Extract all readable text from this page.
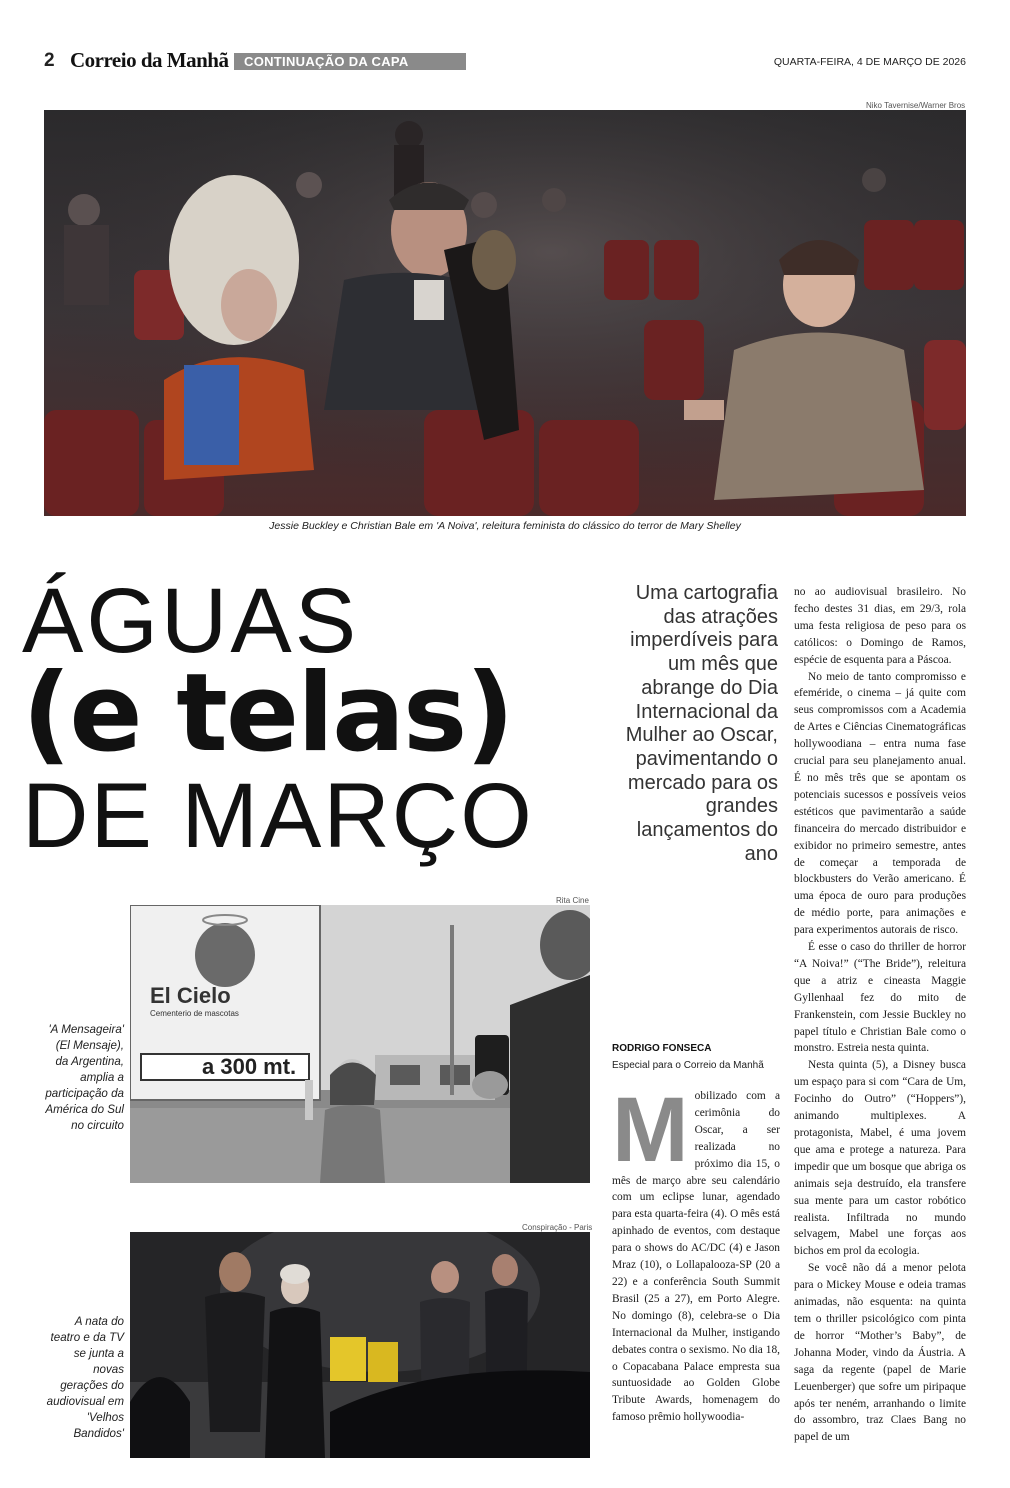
2 Correio da Manhã	CONTINUAÇÃO DA CAPA	QUARTA-FEIRA, 4 DE MARÇO DE 2026
Niko Tavernise/Warner Bros
Jessie Buckley e Christian Bale em 'A Noiva', releitura feminista do clássico do terror de Mary Shelley
ÁGUAS
(e telas)
DE MARÇO
Uma cartografia das atrações imperdíveis para um mês que abrange do Dia Internacional da Mulher ao Oscar, pavimentando o mercado para os grandes lançamentos do ano
Rita Cine
El Cielo
Cementerio de mascotas
a 300 mt.
'A Mensageira' (El Mensaje), da Argentina, amplia a participação da América do Sul no circuito
Conspiração - Paris
A nata do teatro e da TV se junta a novas gerações do audiovisual em 'Velhos Bandidos'
RODRIGO FONSECA
Especial para o Correio da Manhã

Mobilizado com a cerimônia do Oscar, a ser realizada no próximo dia 15, o mês de março abre seu calendário com um eclipse lunar, agendado para esta quarta-feira (4). O mês está apinhado de eventos, com destaque para o shows do AC/DC (4) e Jason Mraz (10), o Lollapalooza-SP (20 a 22) e a conferência South Summit Brasil (25 a 27), em Porto Alegre. No domingo (8), celebra-se o Dia Internacional da Mulher, instigando debates contra o sexismo. No dia 18, o Copacabana Palace empresta sua suntuosidade ao Golden Globe Tribute Awards, homenagem do famoso prêmio hollywoodia-

no ao audiovisual brasileiro. No fecho destes 31 dias, em 29/3, rola uma festa religiosa de peso para os católicos: o Domingo de Ramos, espécie de esquenta para a Páscoa.

No meio de tanto compromisso e efeméride, o cinema – já quite com seus compromissos com a Academia de Artes e Ciências Cinematográficas hollywoodiana – entra numa fase crucial para seu planejamento anual. É no mês três que se apontam os potenciais sucessos e possíveis veios estéticos que pavimentarão a saúde financeira do mercado distribuidor e exibidor no primeiro semestre, antes de começar a temporada de blockbusters do Verão americano. É uma época de ouro para produções de médio porte, para animações e para experimentos autorais de risco.

É esse o caso do thriller de horror “A Noiva!” (“The Bride”), releitura que a atriz e cineasta Maggie Gyllenhaal fez do mito de Frankenstein, com Jessie Buckley no papel título e Christian Bale como o monstro. Estreia nesta quinta.

Nesta quinta (5), a Disney busca um espaço para si com “Cara de Um, Focinho do Outro” (“Hoppers”), animando multiplexes. A protagonista, Mabel, é uma jovem que ama e protege a natureza. Para impedir que um bosque que abriga os animais seja destruído, ela transfere sua mente para um castor robótico realista. Infiltrada no mundo selvagem, Mabel une forças aos bichos em prol da ecologia.

Se você não dá a menor pelota para o Mickey Mouse e odeia tramas animadas, não esquenta: na quinta tem o thriller psicológico com pinta de horror “Mother’s Baby”, de Johanna Moder, vindo da Áustria. A saga da regente (papel de Marie Leuenberger) que sofre um piripaque após ter neném, arranhando o limite do assombro, traz Claes Bang no papel de um
